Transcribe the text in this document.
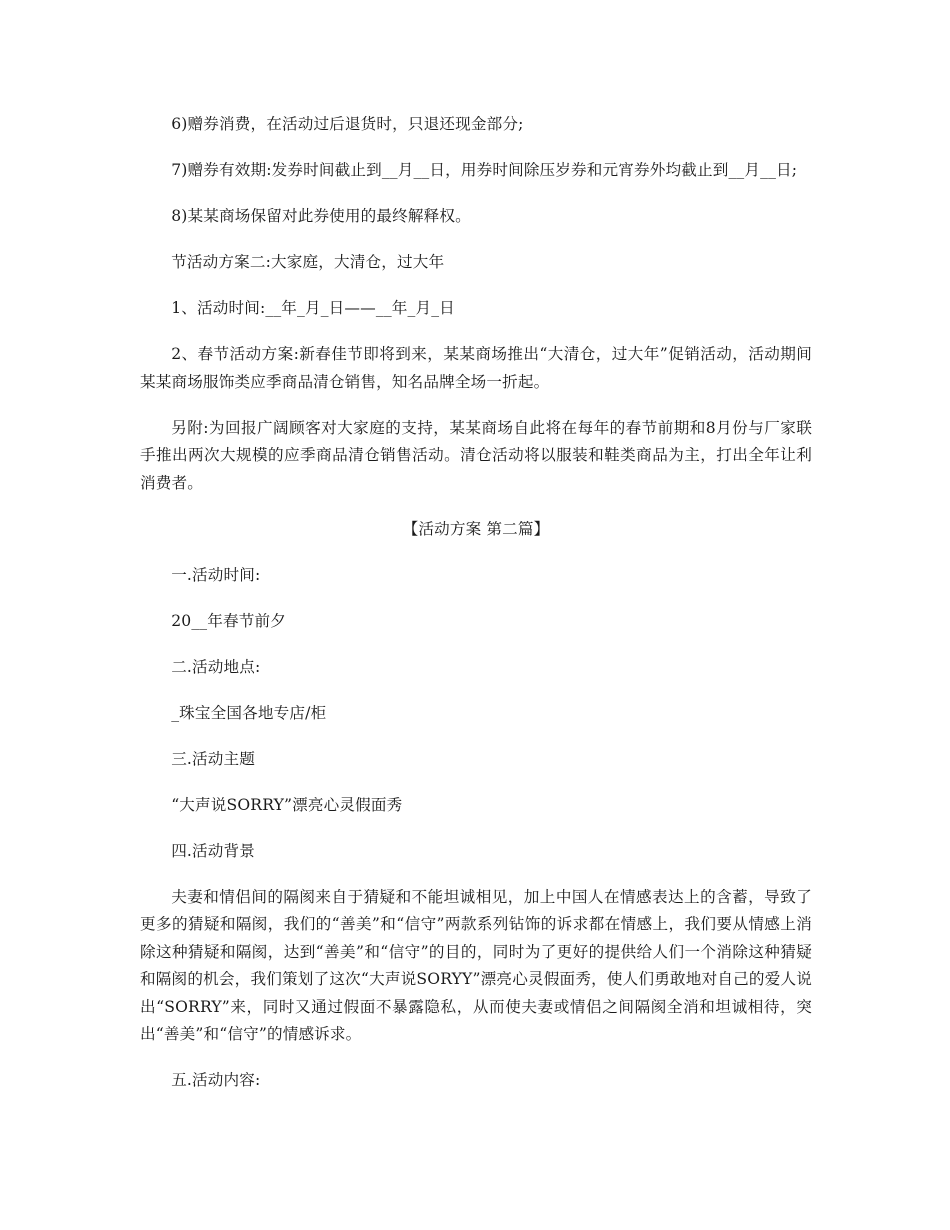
6)赠券消费，在活动过后退货时，只退还现金部分;

7)赠券有效期:发券时间截止到__月__日，用券时间除压岁券和元宵券外均截止到__月__日;

8)某某商场保留对此券使用的最终解释权。

节活动方案二:大家庭，大清仓，过大年

1、活动时间:__年_月_日——__年_月_日

2、春节活动方案:新春佳节即将到来，某某商场推出“大清仓，过大年”促销活动，活动期间某某商场服饰类应季商品清仓销售，知名品牌全场一折起。

另附:为回报广阔顾客对大家庭的支持，某某商场自此将在每年的春节前期和8月份与厂家联手推出两次大规模的应季商品清仓销售活动。清仓活动将以服装和鞋类商品为主，打出全年让利消费者。

【活动方案 第二篇】

一.活动时间:

20__年春节前夕

二.活动地点:

_珠宝全国各地专店/柜

三.活动主题

“大声说SORRY”漂亮心灵假面秀

四.活动背景

夫妻和情侣间的隔阂来自于猜疑和不能坦诚相见，加上中国人在情感表达上的含蓄，导致了更多的猜疑和隔阂，我们的“善美”和“信守”两款系列钻饰的诉求都在情感上，我们要从情感上消除这种猜疑和隔阂，达到“善美”和“信守”的目的，同时为了更好的提供给人们一个消除这种猜疑和隔阂的机会，我们策划了这次“大声说SORYY”漂亮心灵假面秀，使人们勇敢地对自己的爱人说出“SORRY”来，同时又通过假面不暴露隐私，从而使夫妻或情侣之间隔阂全消和坦诚相待，突出“善美”和“信守”的情感诉求。

五.活动内容:
